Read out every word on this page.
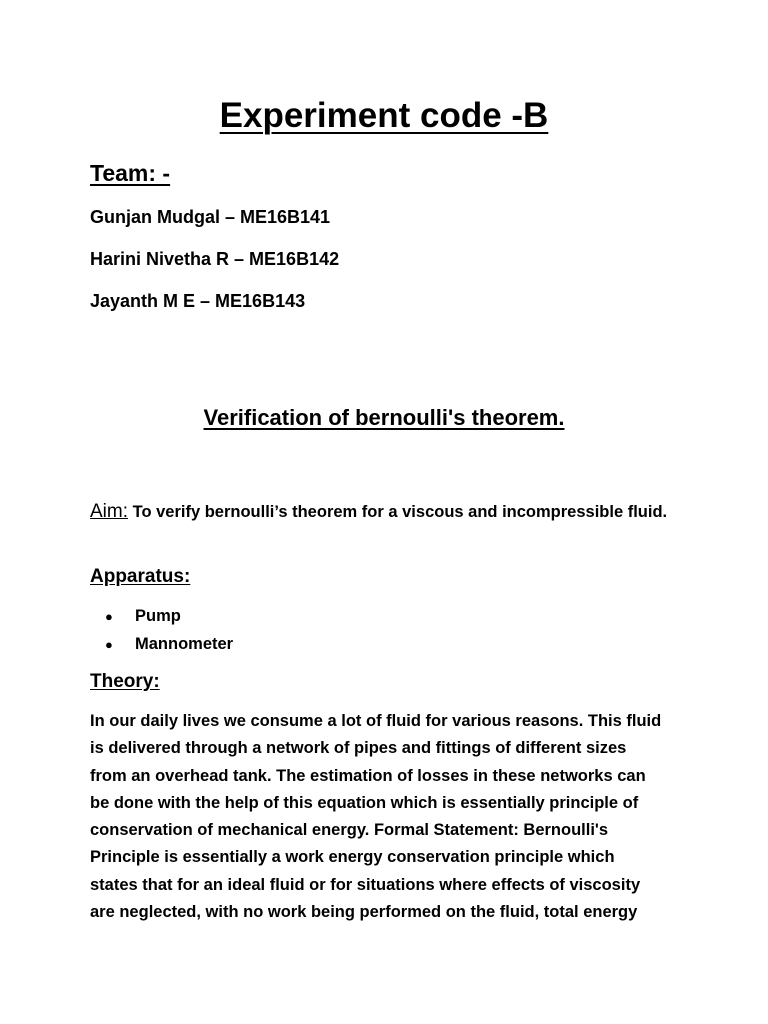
Experiment code -B
Team: -
Gunjan Mudgal – ME16B141
Harini Nivetha R – ME16B142
Jayanth M E – ME16B143
Verification of bernoulli's theorem.
Aim: To verify bernoulli’s theorem for a viscous and incompressible fluid.
Apparatus:
● Pump
● Mannometer
Theory:

In our daily lives we consume a lot of fluid for various reasons. This fluid
is delivered through a network of pipes and fittings of different sizes
from an overhead tank. The estimation of losses in these networks can
be done with the help of this equation which is essentially principle of
conservation of mechanical energy. Formal Statement: Bernoulli's
Principle is essentially a work energy conservation principle which
states that for an ideal fluid or for situations where effects of viscosity
are neglected, with no work being performed on the fluid, total energy
